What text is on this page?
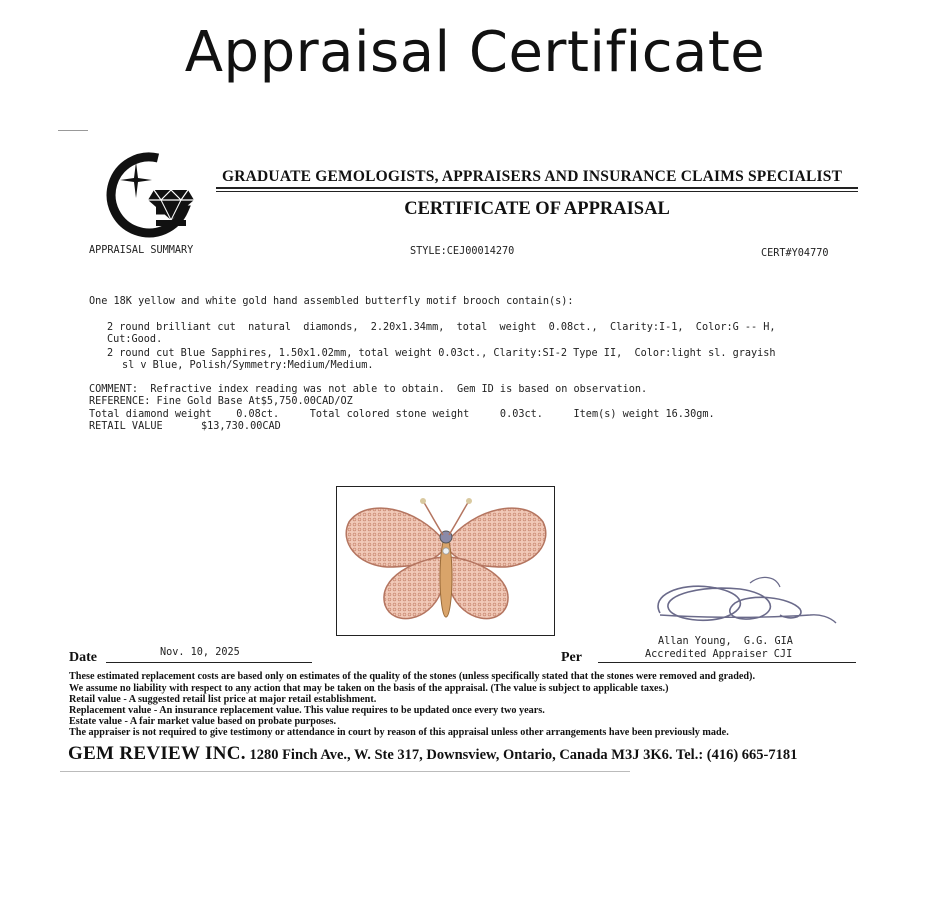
Appraisal Certificate
GRADUATE GEMOLOGISTS, APPRAISERS AND INSURANCE CLAIMS SPECIALIST
CERTIFICATE OF APPRAISAL
APPRAISAL SUMMARY	STYLE:CEJ00014270	CERT#Y04770
One 18K yellow and white gold hand assembled butterfly motif brooch contain(s):
2 round brilliant cut  natural  diamonds,  2.20x1.34mm,  total  weight  0.08ct.,  Clarity:I-1,  Color:G -- H,
Cut:Good.
2 round cut Blue Sapphires, 1.50x1.02mm, total weight 0.03ct., Clarity:SI-2 Type II,  Color:light sl. grayish
sl v Blue, Polish/Symmetry:Medium/Medium.
COMMENT:  Refractive index reading was not able to obtain.  Gem ID is based on observation.
REFERENCE: Fine Gold Base At$5,750.00CAD/OZ
Total diamond weight    0.08ct.     Total colored stone weight     0.03ct.     Item(s) weight 16.30gm.
RETAIL VALUE	$13,730.00CAD
Allan Young,  G.G. GIA
Accredited Appraiser CJI
Date	Nov. 10, 2025	Per
These estimated replacement costs are based only on estimates of the quality of the stones (unless specifically stated that the stones were removed and graded).
We assume no liability with respect to any action that may be taken on the basis of the appraisal. (The value is subject to applicable taxes.)
Retail value - A suggested retail list price at major retail establishment.
Replacement value - An insurance replacement value. This value requires to be updated once every two years.
Estate value - A fair market value based on probate purposes.
The appraiser is not required to give testimony or attendance in court by reason of this appraisal unless other arrangements have been previously made.
GEM REVIEW INC. 1280 Finch Ave., W. Ste 317, Downsview, Ontario, Canada M3J 3K6. Tel.: (416) 665-7181
